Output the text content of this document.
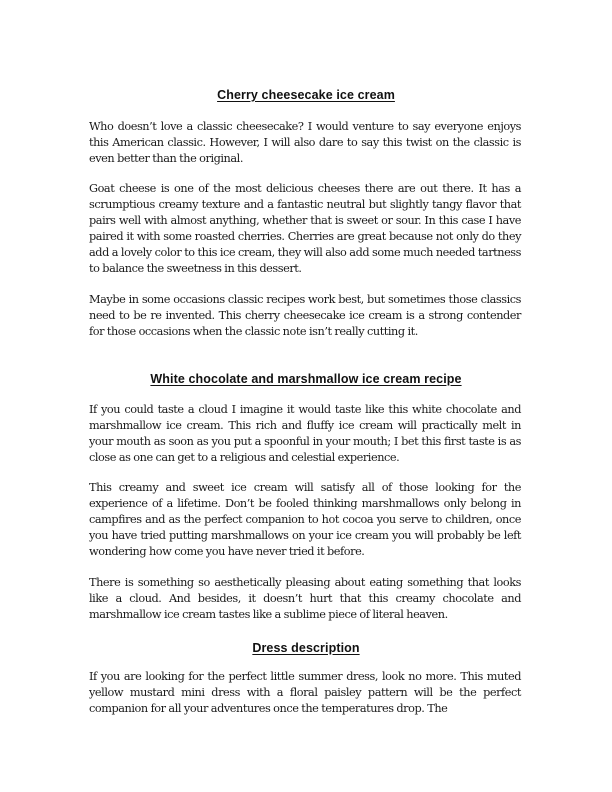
Cherry cheesecake ice cream
Who doesn’t love a classic cheesecake? I would venture to say everyone enjoys this American classic. However, I will also dare to say this twist on the classic is even better than the original.
Goat cheese is one of the most delicious cheeses there are out there. It has a scrumptious creamy texture and a fantastic neutral but slightly tangy flavor that pairs well with almost anything, whether that is sweet or sour. In this case I have paired it with some roasted cherries. Cherries are great because not only do they add a lovely color to this ice cream, they will also add some much needed tartness to balance the sweetness in this dessert.
Maybe in some occasions classic recipes work best, but sometimes those classics need to be re invented. This cherry cheesecake ice cream is a strong contender for those occasions when the classic note isn’t really cutting it.
White chocolate and marshmallow ice cream recipe
If you could taste a cloud I imagine it would taste like this white chocolate and marshmallow ice cream. This rich and fluffy ice cream will practically melt in your mouth as soon as you put a spoonful in your mouth; I bet this first taste is as close as one can get to a religious and celestial experience.
This creamy and sweet ice cream will satisfy all of those looking for the experience of a lifetime. Don’t be fooled thinking marshmallows only belong in campfires and as the perfect companion to hot cocoa you serve to children, once you have tried putting marshmallows on your ice cream you will probably be left wondering how come you have never tried it before.
There is something so aesthetically pleasing about eating something that looks like a cloud. And besides, it doesn’t hurt that this creamy chocolate and marshmallow ice cream tastes like a sublime piece of literal heaven.
Dress description
If you are looking for the perfect little summer dress, look no more. This muted yellow mustard mini dress with a floral paisley pattern will be the perfect companion for all your adventures once the temperatures drop. The
